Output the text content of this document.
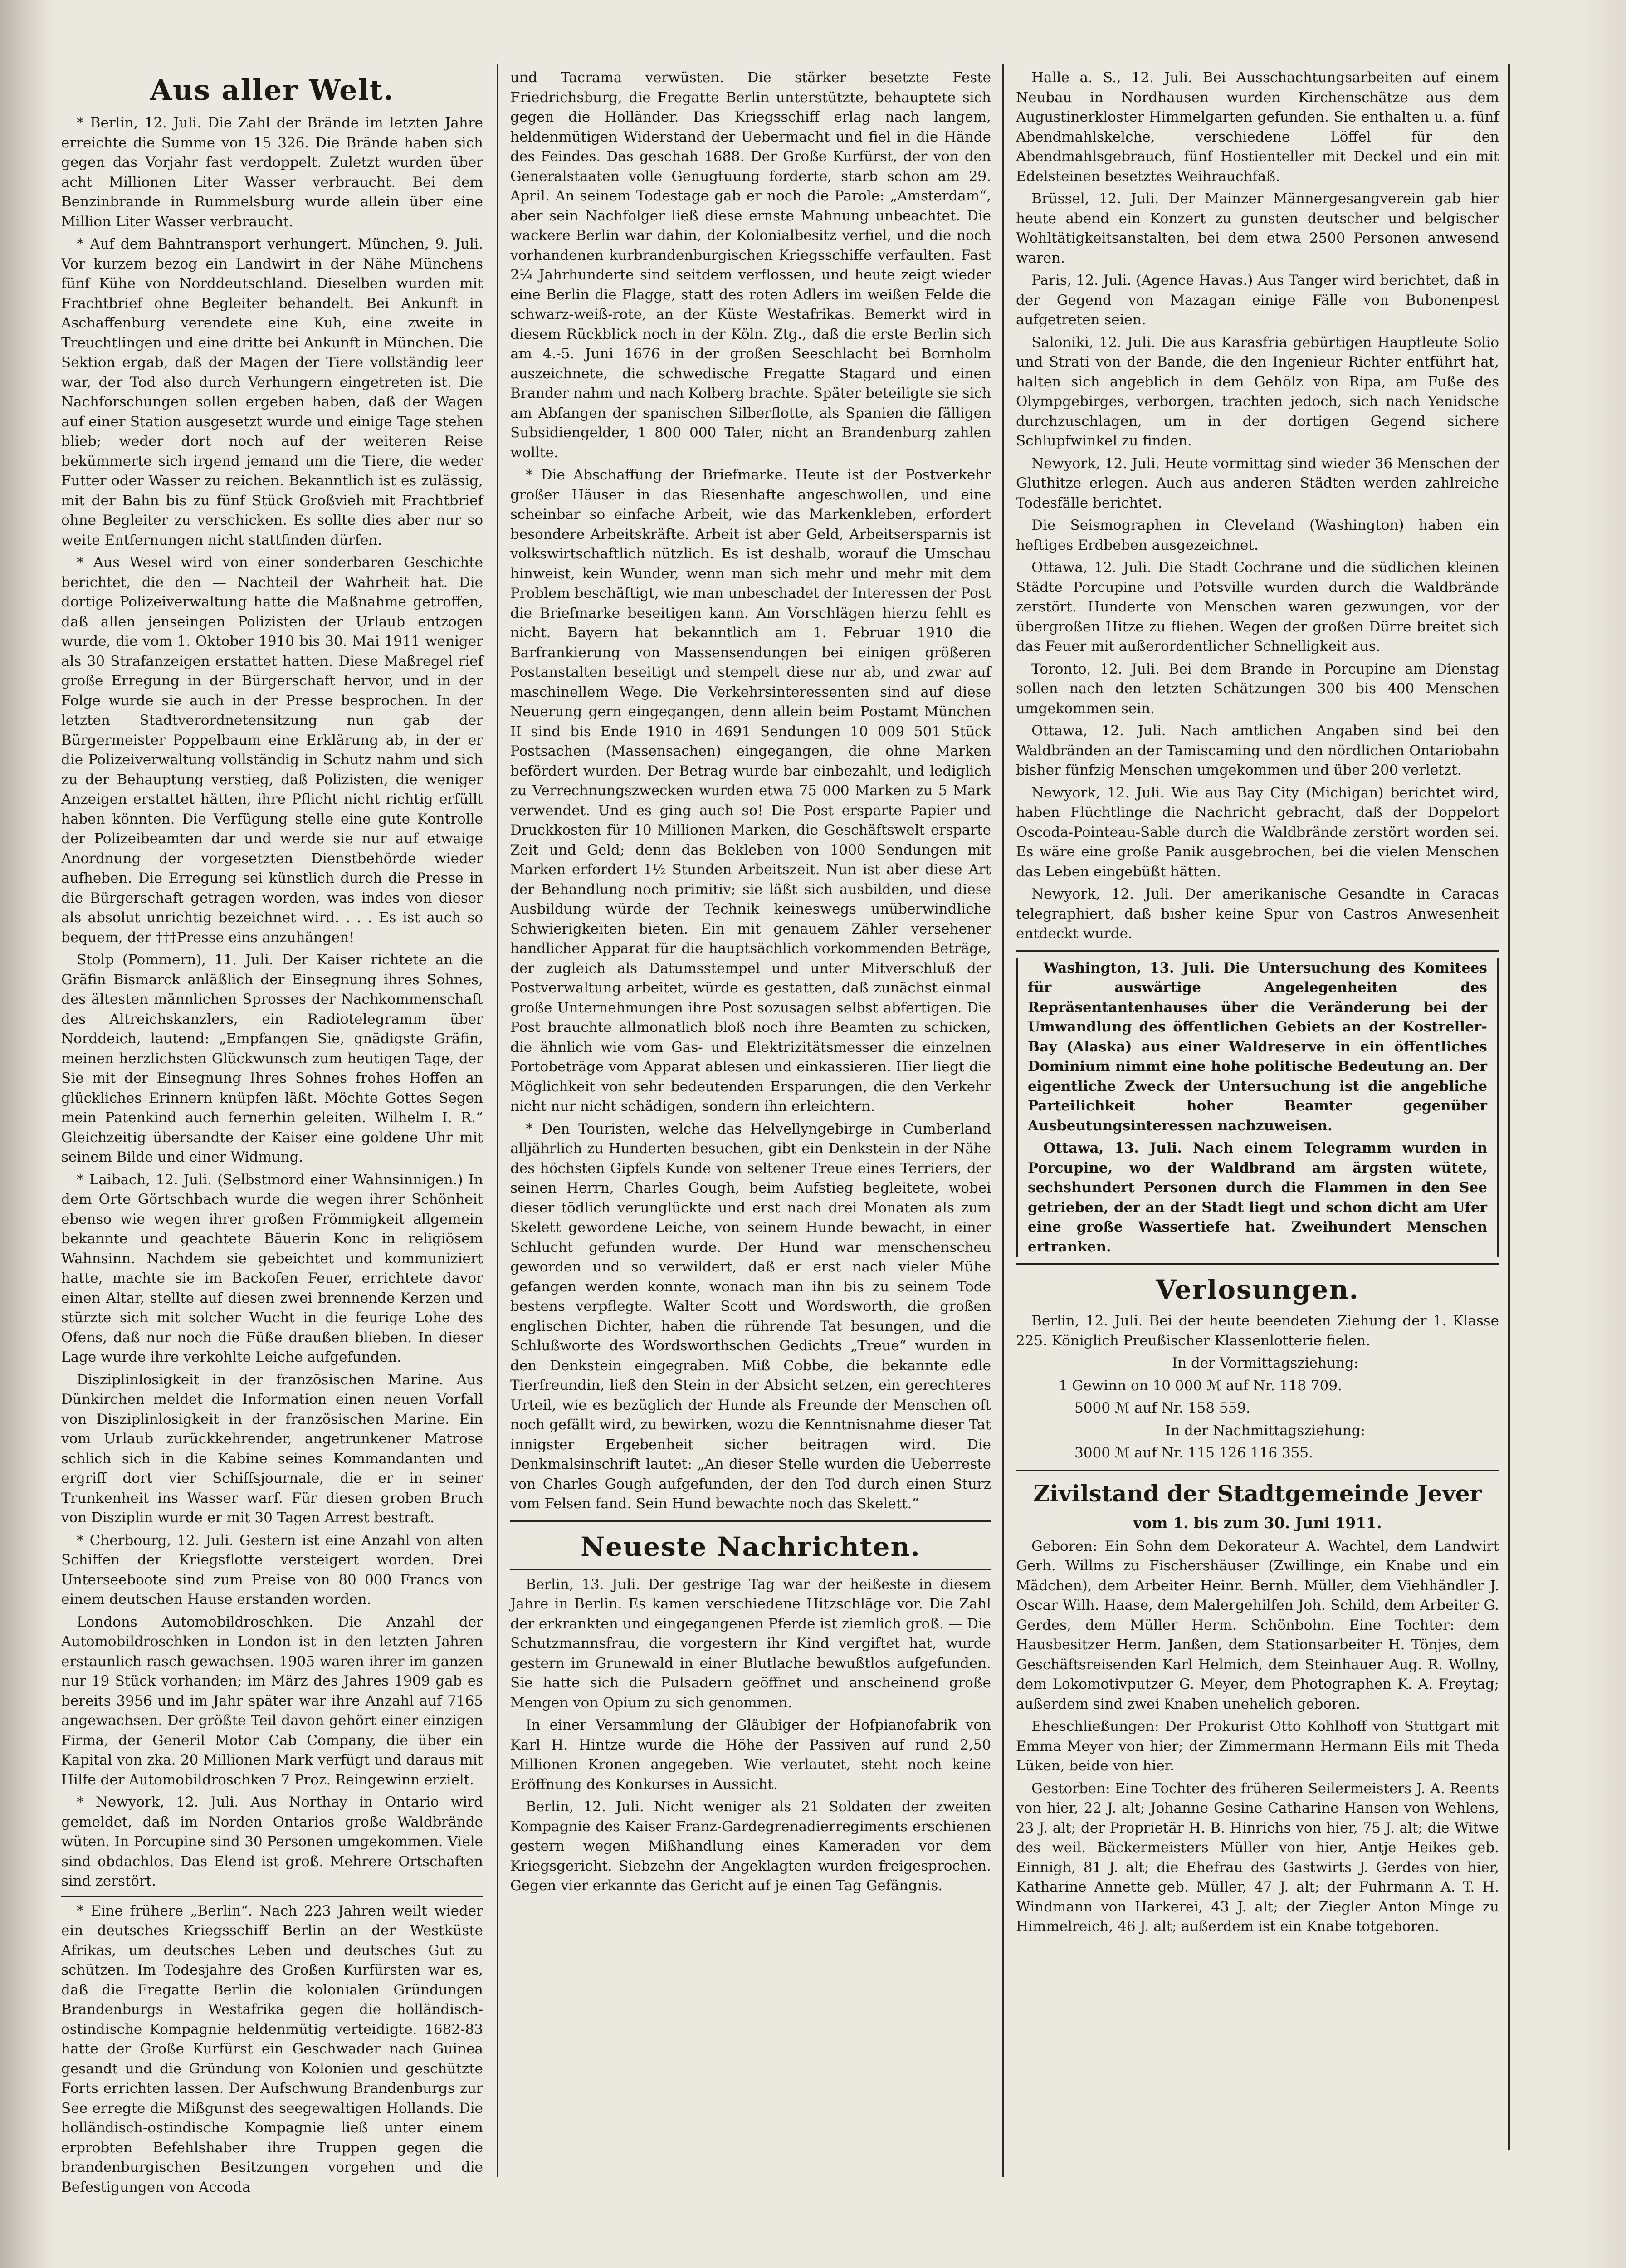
Aus aller Welt.

* Berlin, 12. Juli. Die Zahl der Brände im letzten Jahre erreichte die Summe von 15 326. Die Brände haben sich gegen das Vorjahr fast verdoppelt. Zuletzt wurden über acht Millionen Liter Wasser verbraucht. Bei dem Benzinbrande in Rummelsburg wurde allein über eine Million Liter Wasser verbraucht.

* Auf dem Bahntransport verhungert. München, 9. Juli. Vor kurzem bezog ein Landwirt in der Nähe Münchens fünf Kühe von Norddeutschland. Dieselben wurden mit Frachtbrief ohne Begleiter behandelt. Bei Ankunft in Aschaffenburg verendete eine Kuh, eine zweite in Treuchtlingen und eine dritte bei Ankunft in München. Die Sektion ergab, daß der Magen der Tiere vollständig leer war, der Tod also durch Verhungern eingetreten ist. Die Nachforschungen sollen ergeben haben, daß der Wagen auf einer Station ausgesetzt wurde und einige Tage stehen blieb; weder dort noch auf der weiteren Reise bekümmerte sich irgend jemand um die Tiere, die weder Futter oder Wasser zu reichen. Bekanntlich ist es zulässig, mit der Bahn bis zu fünf Stück Großvieh mit Frachtbrief ohne Begleiter zu verschicken. Es sollte dies aber nur so weite Entfernungen nicht stattfinden dürfen.

* Aus Wesel wird von einer sonderbaren Geschichte berichtet, die den — Nachteil der Wahrheit hat. Die dortige Polizeiverwaltung hatte die Maßnahme getroffen, daß allen jenseingen Polizisten der Urlaub entzogen wurde, die vom 1. Oktober 1910 bis 30. Mai 1911 weniger als 30 Strafanzeigen erstattet hatten. Diese Maßregel rief große Erregung in der Bürgerschaft hervor, und in der Folge wurde sie auch in der Presse besprochen. In der letzten Stadtverordnetensitzung nun gab der Bürgermeister Poppelbaum eine Erklärung ab, in der er die Polizeiverwaltung vollständig in Schutz nahm und sich zu der Behauptung verstieg, daß Polizisten, die weniger Anzeigen erstattet hätten, ihre Pflicht nicht richtig erfüllt haben könnten. Die Verfügung stelle eine gute Kontrolle der Polizeibeamten dar und werde sie nur auf etwaige Anordnung der vorgesetzten Dienstbehörde wieder aufheben. Die Erregung sei künstlich durch die Presse in die Bürgerschaft getragen worden, was indes von dieser als absolut unrichtig bezeichnet wird. . . . Es ist auch so bequem, der †††Presse eins anzuhängen!

Stolp (Pommern), 11. Juli. Der Kaiser richtete an die Gräfin Bismarck anläßlich der Einsegnung ihres Sohnes, des ältesten männlichen Sprosses der Nachkommenschaft des Altreichskanzlers, ein Radiotelegramm über Norddeich, lautend: „Empfangen Sie, gnädigste Gräfin, meinen herzlichsten Glückwunsch zum heutigen Tage, der Sie mit der Einsegnung Ihres Sohnes frohes Hoffen an glückliches Erinnern knüpfen läßt. Möchte Gottes Segen mein Patenkind auch fernerhin geleiten. Wilhelm I. R.“ Gleichzeitig übersandte der Kaiser eine goldene Uhr mit seinem Bilde und einer Widmung.

* Laibach, 12. Juli. (Selbstmord einer Wahnsinnigen.) In dem Orte Görtschbach wurde die wegen ihrer Schönheit ebenso wie wegen ihrer großen Frömmigkeit allgemein bekannte und geachtete Bäuerin Konc in religiösem Wahnsinn. Nachdem sie gebeichtet und kommuniziert hatte, machte sie im Backofen Feuer, errichtete davor einen Altar, stellte auf diesen zwei brennende Kerzen und stürzte sich mit solcher Wucht in die feurige Lohe des Ofens, daß nur noch die Füße draußen blieben. In dieser Lage wurde ihre verkohlte Leiche aufgefunden.

Disziplinlosigkeit in der französischen Marine. Aus Dünkirchen meldet die Information einen neuen Vorfall von Disziplinlosigkeit in der französischen Marine. Ein vom Urlaub zurückkehrender, angetrunkener Matrose schlich sich in die Kabine seines Kommandanten und ergriff dort vier Schiffsjournale, die er in seiner Trunkenheit ins Wasser warf. Für diesen groben Bruch von Disziplin wurde er mit 30 Tagen Arrest bestraft.

* Cherbourg, 12. Juli. Gestern ist eine Anzahl von alten Schiffen der Kriegsflotte versteigert worden. Drei Unterseeboote sind zum Preise von 80 000 Francs von einem deutschen Hause erstanden worden.

Londons Automobildroschken. Die Anzahl der Automobildroschken in London ist in den letzten Jahren erstaunlich rasch gewachsen. 1905 waren ihrer im ganzen nur 19 Stück vorhanden; im März des Jahres 1909 gab es bereits 3956 und im Jahr später war ihre Anzahl auf 7165 angewachsen. Der größte Teil davon gehört einer einzigen Firma, der Generil Motor Cab Company, die über ein Kapital von zka. 20 Millionen Mark verfügt und daraus mit Hilfe der Automobildroschken 7 Proz. Reingewinn erzielt.

* Newyork, 12. Juli. Aus Northay in Ontario wird gemeldet, daß im Norden Ontarios große Waldbrände wüten. In Porcupine sind 30 Personen umgekommen. Viele sind obdachlos. Das Elend ist groß. Mehrere Ortschaften sind zerstört.

* Eine frühere „Berlin“. Nach 223 Jahren weilt wieder ein deutsches Kriegsschiff Berlin an der Westküste Afrikas, um deutsches Leben und deutsches Gut zu schützen. Im Todesjahre des Großen Kurfürsten war es, daß die Fregatte Berlin die kolonialen Gründungen Brandenburgs in Westafrika gegen die holländisch-ostindische Kompagnie heldenmütig verteidigte. 1682-83 hatte der Große Kurfürst ein Geschwader nach Guinea gesandt und die Gründung von Kolonien und geschützte Forts errichten lassen. Der Aufschwung Brandenburgs zur See erregte die Mißgunst des seegewaltigen Hollands. Die holländisch-ostindische Kompagnie ließ unter einem erprobten Befehlshaber ihre Truppen gegen die brandenburgischen Besitzungen vorgehen und die Befestigungen von Accoda

und Tacrama verwüsten. Die stärker besetzte Feste Friedrichsburg, die Fregatte Berlin unterstützte, behauptete sich gegen die Holländer. Das Kriegsschiff erlag nach langem, heldenmütigen Widerstand der Uebermacht und fiel in die Hände des Feindes. Das geschah 1688. Der Große Kurfürst, der von den Generalstaaten volle Genugtuung forderte, starb schon am 29. April. An seinem Todestage gab er noch die Parole: „Amsterdam“, aber sein Nachfolger ließ diese ernste Mahnung unbeachtet. Die wackere Berlin war dahin, der Kolonialbesitz verfiel, und die noch vorhandenen kurbrandenburgischen Kriegsschiffe verfaulten. Fast 2¼ Jahrhunderte sind seitdem verflossen, und heute zeigt wieder eine Berlin die Flagge, statt des roten Adlers im weißen Felde die schwarz-weiß-rote, an der Küste Westafrikas. Bemerkt wird in diesem Rückblick noch in der Köln. Ztg., daß die erste Berlin sich am 4.-5. Juni 1676 in der großen Seeschlacht bei Bornholm auszeichnete, die schwedische Fregatte Stagard und einen Brander nahm und nach Kolberg brachte. Später beteiligte sie sich am Abfangen der spanischen Silberflotte, als Spanien die fälligen Subsidiengelder, 1 800 000 Taler, nicht an Brandenburg zahlen wollte.

* Die Abschaffung der Briefmarke. Heute ist der Postverkehr großer Häuser in das Riesenhafte angeschwollen, und eine scheinbar so einfache Arbeit, wie das Markenkleben, erfordert besondere Arbeitskräfte. Arbeit ist aber Geld, Arbeitsersparnis ist volkswirtschaftlich nützlich. Es ist deshalb, worauf die Umschau hinweist, kein Wunder, wenn man sich mehr und mehr mit dem Problem beschäftigt, wie man unbeschadet der Interessen der Post die Briefmarke beseitigen kann. Am Vorschlägen hierzu fehlt es nicht. Bayern hat bekanntlich am 1. Februar 1910 die Barfrankierung von Massensendungen bei einigen größeren Postanstalten beseitigt und stempelt diese nur ab, und zwar auf maschinellem Wege. Die Verkehrsinteressenten sind auf diese Neuerung gern eingegangen, denn allein beim Postamt München II sind bis Ende 1910 in 4691 Sendungen 10 009 501 Stück Postsachen (Massensachen) eingegangen, die ohne Marken befördert wurden. Der Betrag wurde bar einbezahlt, und lediglich zu Verrechnungszwecken wurden etwa 75 000 Marken zu 5 Mark verwendet. Und es ging auch so! Die Post ersparte Papier und Druckkosten für 10 Millionen Marken, die Geschäftswelt ersparte Zeit und Geld; denn das Bekleben von 1000 Sendungen mit Marken erfordert 1½ Stunden Arbeitszeit. Nun ist aber diese Art der Behandlung noch primitiv; sie läßt sich ausbilden, und diese Ausbildung würde der Technik keineswegs unüberwindliche Schwierigkeiten bieten. Ein mit genauem Zähler versehener handlicher Apparat für die hauptsächlich vorkommenden Beträge, der zugleich als Datumsstempel und unter Mitverschluß der Postverwaltung arbeitet, würde es gestatten, daß zunächst einmal große Unternehmungen ihre Post sozusagen selbst abfertigen. Die Post brauchte allmonatlich bloß noch ihre Beamten zu schicken, die ähnlich wie vom Gas- und Elektrizitätsmesser die einzelnen Portobeträge vom Apparat ablesen und einkassieren. Hier liegt die Möglichkeit von sehr bedeutenden Ersparungen, die den Verkehr nicht nur nicht schädigen, sondern ihn erleichtern.

* Den Touristen, welche das Helvellyngebirge in Cumberland alljährlich zu Hunderten besuchen, gibt ein Denkstein in der Nähe des höchsten Gipfels Kunde von seltener Treue eines Terriers, der seinen Herrn, Charles Gough, beim Aufstieg begleitete, wobei dieser tödlich verunglückte und erst nach drei Monaten als zum Skelett gewordene Leiche, von seinem Hunde bewacht, in einer Schlucht gefunden wurde. Der Hund war menschenscheu geworden und so verwildert, daß er erst nach vieler Mühe gefangen werden konnte, wonach man ihn bis zu seinem Tode bestens verpflegte. Walter Scott und Wordsworth, die großen englischen Dichter, haben die rührende Tat besungen, und die Schlußworte des Wordsworthschen Gedichts „Treue“ wurden in den Denkstein eingegraben. Miß Cobbe, die bekannte edle Tierfreundin, ließ den Stein in der Absicht setzen, ein gerechteres Urteil, wie es bezüglich der Hunde als Freunde der Menschen oft noch gefällt wird, zu bewirken, wozu die Kenntnisnahme dieser Tat innigster Ergebenheit sicher beitragen wird. Die Denkmalsinschrift lautet: „An dieser Stelle wurden die Ueberreste von Charles Gough aufgefunden, der den Tod durch einen Sturz vom Felsen fand. Sein Hund bewachte noch das Skelett.“

Neueste Nachrichten.

Berlin, 13. Juli. Der gestrige Tag war der heißeste in diesem Jahre in Berlin. Es kamen verschiedene Hitzschläge vor. Die Zahl der erkrankten und eingegangenen Pferde ist ziemlich groß. — Die Schutzmannsfrau, die vorgestern ihr Kind vergiftet hat, wurde gestern im Grunewald in einer Blutlache bewußtlos aufgefunden. Sie hatte sich die Pulsadern geöffnet und anscheinend große Mengen von Opium zu sich genommen.

In einer Versammlung der Gläubiger der Hofpianofabrik von Karl H. Hintze wurde die Höhe der Passiven auf rund 2,50 Millionen Kronen angegeben. Wie verlautet, steht noch keine Eröffnung des Konkurses in Aussicht.

Berlin, 12. Juli. Nicht weniger als 21 Soldaten der zweiten Kompagnie des Kaiser Franz-Gardegrenadierregiments erschienen gestern wegen Mißhandlung eines Kameraden vor dem Kriegsgericht. Siebzehn der Angeklagten wurden freigesprochen. Gegen vier erkannte das Gericht auf je einen Tag Gefängnis.

Halle a. S., 12. Juli. Bei Ausschachtungsarbeiten auf einem Neubau in Nordhausen wurden Kirchenschätze aus dem Augustinerkloster Himmelgarten gefunden. Sie enthalten u. a. fünf Abendmahlskelche, verschiedene Löffel für den Abendmahlsgebrauch, fünf Hostienteller mit Deckel und ein mit Edelsteinen besetztes Weihrauchfaß.

Brüssel, 12. Juli. Der Mainzer Männergesangverein gab hier heute abend ein Konzert zu gunsten deutscher und belgischer Wohltätigkeitsanstalten, bei dem etwa 2500 Personen anwesend waren.

Paris, 12. Juli. (Agence Havas.) Aus Tanger wird berichtet, daß in der Gegend von Mazagan einige Fälle von Bubonenpest aufgetreten seien.

Saloniki, 12. Juli. Die aus Karasfria gebürtigen Hauptleute Solio und Strati von der Bande, die den Ingenieur Richter entführt hat, halten sich angeblich in dem Gehölz von Ripa, am Fuße des Olympgebirges, verborgen, trachten jedoch, sich nach Yenidsche durchzuschlagen, um in der dortigen Gegend sichere Schlupfwinkel zu finden.

Newyork, 12. Juli. Heute vormittag sind wieder 36 Menschen der Gluthitze erlegen. Auch aus anderen Städten werden zahlreiche Todesfälle berichtet.

Die Seismographen in Cleveland (Washington) haben ein heftiges Erdbeben ausgezeichnet.

Ottawa, 12. Juli. Die Stadt Cochrane und die südlichen kleinen Städte Porcupine und Potsville wurden durch die Waldbrände zerstört. Hunderte von Menschen waren gezwungen, vor der übergroßen Hitze zu fliehen. Wegen der großen Dürre breitet sich das Feuer mit außerordentlicher Schnelligkeit aus.

Toronto, 12. Juli. Bei dem Brande in Porcupine am Dienstag sollen nach den letzten Schätzungen 300 bis 400 Menschen umgekommen sein.

Ottawa, 12. Juli. Nach amtlichen Angaben sind bei den Waldbränden an der Tamiscaming und den nördlichen Ontariobahn bisher fünfzig Menschen umgekommen und über 200 verletzt.

Newyork, 12. Juli. Wie aus Bay City (Michigan) berichtet wird, haben Flüchtlinge die Nachricht gebracht, daß der Doppelort Oscoda-Pointeau-Sable durch die Waldbrände zerstört worden sei. Es wäre eine große Panik ausgebrochen, bei die vielen Menschen das Leben eingebüßt hätten.

Newyork, 12. Juli. Der amerikanische Gesandte in Caracas telegraphiert, daß bisher keine Spur von Castros Anwesenheit entdeckt wurde.

Washington, 13. Juli. Die Untersuchung des Komitees für auswärtige Angelegenheiten des Repräsentantenhauses über die Veränderung bei der Umwandlung des öffentlichen Gebiets an der Kostreller-Bay (Alaska) aus einer Waldreserve in ein öffentliches Dominium nimmt eine hohe politische Bedeutung an. Der eigentliche Zweck der Untersuchung ist die angebliche Parteilichkeit hoher Beamter gegenüber Ausbeutungsinteressen nachzuweisen.

Ottawa, 13. Juli. Nach einem Telegramm wurden in Porcupine, wo der Waldbrand am ärgsten wütete, sechshundert Personen durch die Flammen in den See getrieben, der an der Stadt liegt und schon dicht am Ufer eine große Wassertiefe hat. Zweihundert Menschen ertranken.

Verlosungen.

Berlin, 12. Juli. Bei der heute beendeten Ziehung der 1. Klasse 225. Königlich Preußischer Klassenlotterie fielen.

In der Vormittagsziehung:

1 Gewinn on 10 000 ℳ auf Nr. 118 709.

5000 ℳ auf Nr. 158 559.

In der Nachmittagsziehung:

3000 ℳ auf Nr. 115 126 116 355.

Zivilstand der Stadtgemeinde Jever
vom 1. bis zum 30. Juni 1911.

Geboren: Ein Sohn dem Dekorateur A. Wachtel, dem Landwirt Gerh. Willms zu Fischershäuser (Zwillinge, ein Knabe und ein Mädchen), dem Arbeiter Heinr. Bernh. Müller, dem Viehhändler J. Oscar Wilh. Haase, dem Malergehilfen Joh. Schild, dem Arbeiter G. Gerdes, dem Müller Herm. Schönbohn. Eine Tochter: dem Hausbesitzer Herm. Janßen, dem Stationsarbeiter H. Tönjes, dem Geschäftsreisenden Karl Helmich, dem Steinhauer Aug. R. Wollny, dem Lokomotivputzer G. Meyer, dem Photographen K. A. Freytag; außerdem sind zwei Knaben unehelich geboren.

Eheschließungen: Der Prokurist Otto Kohlhoff von Stuttgart mit Emma Meyer von hier; der Zimmermann Hermann Eils mit Theda Lüken, beide von hier.

Gestorben: Eine Tochter des früheren Seilermeisters J. A. Reents von hier, 22 J. alt; Johanne Gesine Catharine Hansen von Wehlens, 23 J. alt; der Proprietär H. B. Hinrichs von hier, 75 J. alt; die Witwe des weil. Bäckermeisters Müller von hier, Antje Heikes geb. Einnigh, 81 J. alt; die Ehefrau des Gastwirts J. Gerdes von hier, Katharine Annette geb. Müller, 47 J. alt; der Fuhrmann A. T. H. Windmann von Harkerei, 43 J. alt; der Ziegler Anton Minge zu Himmelreich, 46 J. alt; außerdem ist ein Knabe totgeboren.
